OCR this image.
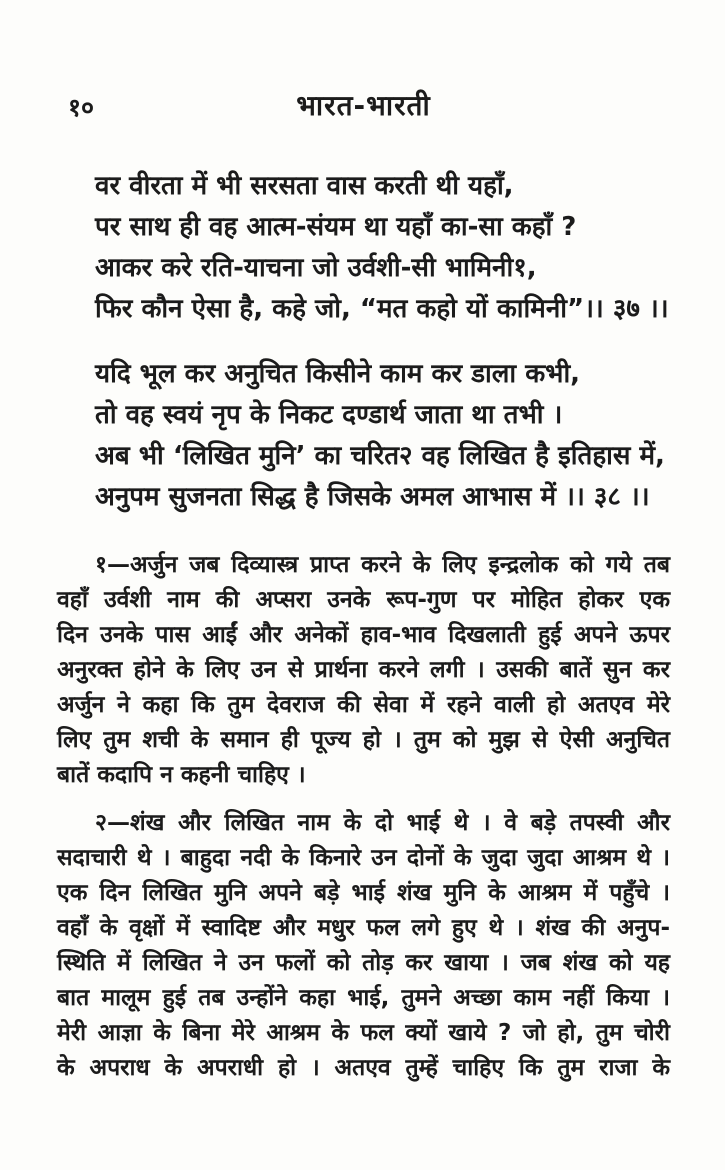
१०	भारत-भारती
वर वीरता में भी सरसता वास करती थी यहाँ,
पर साथ ही वह आत्म-संयम था यहाँ का-सा कहाँ ?
आकर करे रति-याचना जो उर्वशी-सी भामिनी१,
फिर कौन ऐसा है, कहे जो, “मत कहो यों कामिनी”।। ३७ ।।
यदि भूल कर अनुचित किसीने काम कर डाला कभी,
तो वह स्वयं नृप के निकट दण्डार्थ जाता था तभी ।
अब भी ‘लिखित मुनि’ का चरित२ वह लिखित है इतिहास में,
अनुपम सुजनता सिद्ध है जिसके अमल आभास में ।। ३८ ।।
१—अर्जुन जब दिव्यास्त्र प्राप्त करने के लिए इन्द्रलोक को गये तब
वहाँ उर्वशी नाम की अप्सरा उनके रूप-गुण पर मोहित होकर एक
दिन उनके पास आईं और अनेकों हाव-भाव दिखलाती हुई अपने ऊपर
अनुरक्त होने के लिए उन से प्रार्थना करने लगी । उसकी बातें सुन कर
अर्जुन ने कहा कि तुम देवराज की सेवा में रहने वाली हो अतएव मेरे
लिए तुम शची के समान ही पूज्य हो । तुम को मुझ से ऐसी अनुचित
बातें कदापि न कहनी चाहिए ।
२—शंख और लिखित नाम के दो भाई थे । वे बड़े तपस्वी और
सदाचारी थे । बाहुदा नदी के किनारे उन दोनों के जुदा जुदा आश्रम थे ।
एक दिन लिखित मुनि अपने बड़े भाई शंख मुनि के आश्रम में पहुँचे ।
वहाँ के वृक्षों में स्वादिष्ट और मधुर फल लगे हुए थे । शंख की अनुप-
स्थिति में लिखित ने उन फलों को तोड़ कर खाया । जब शंख को यह
बात मालूम हुई तब उन्होंने कहा भाई, तुमने अच्छा काम नहीं किया ।
मेरी आज्ञा के बिना मेरे आश्रम के फल क्यों खाये ? जो हो, तुम चोरी
के अपराध के अपराधी हो । अतएव तुम्हें चाहिए कि तुम राजा के
